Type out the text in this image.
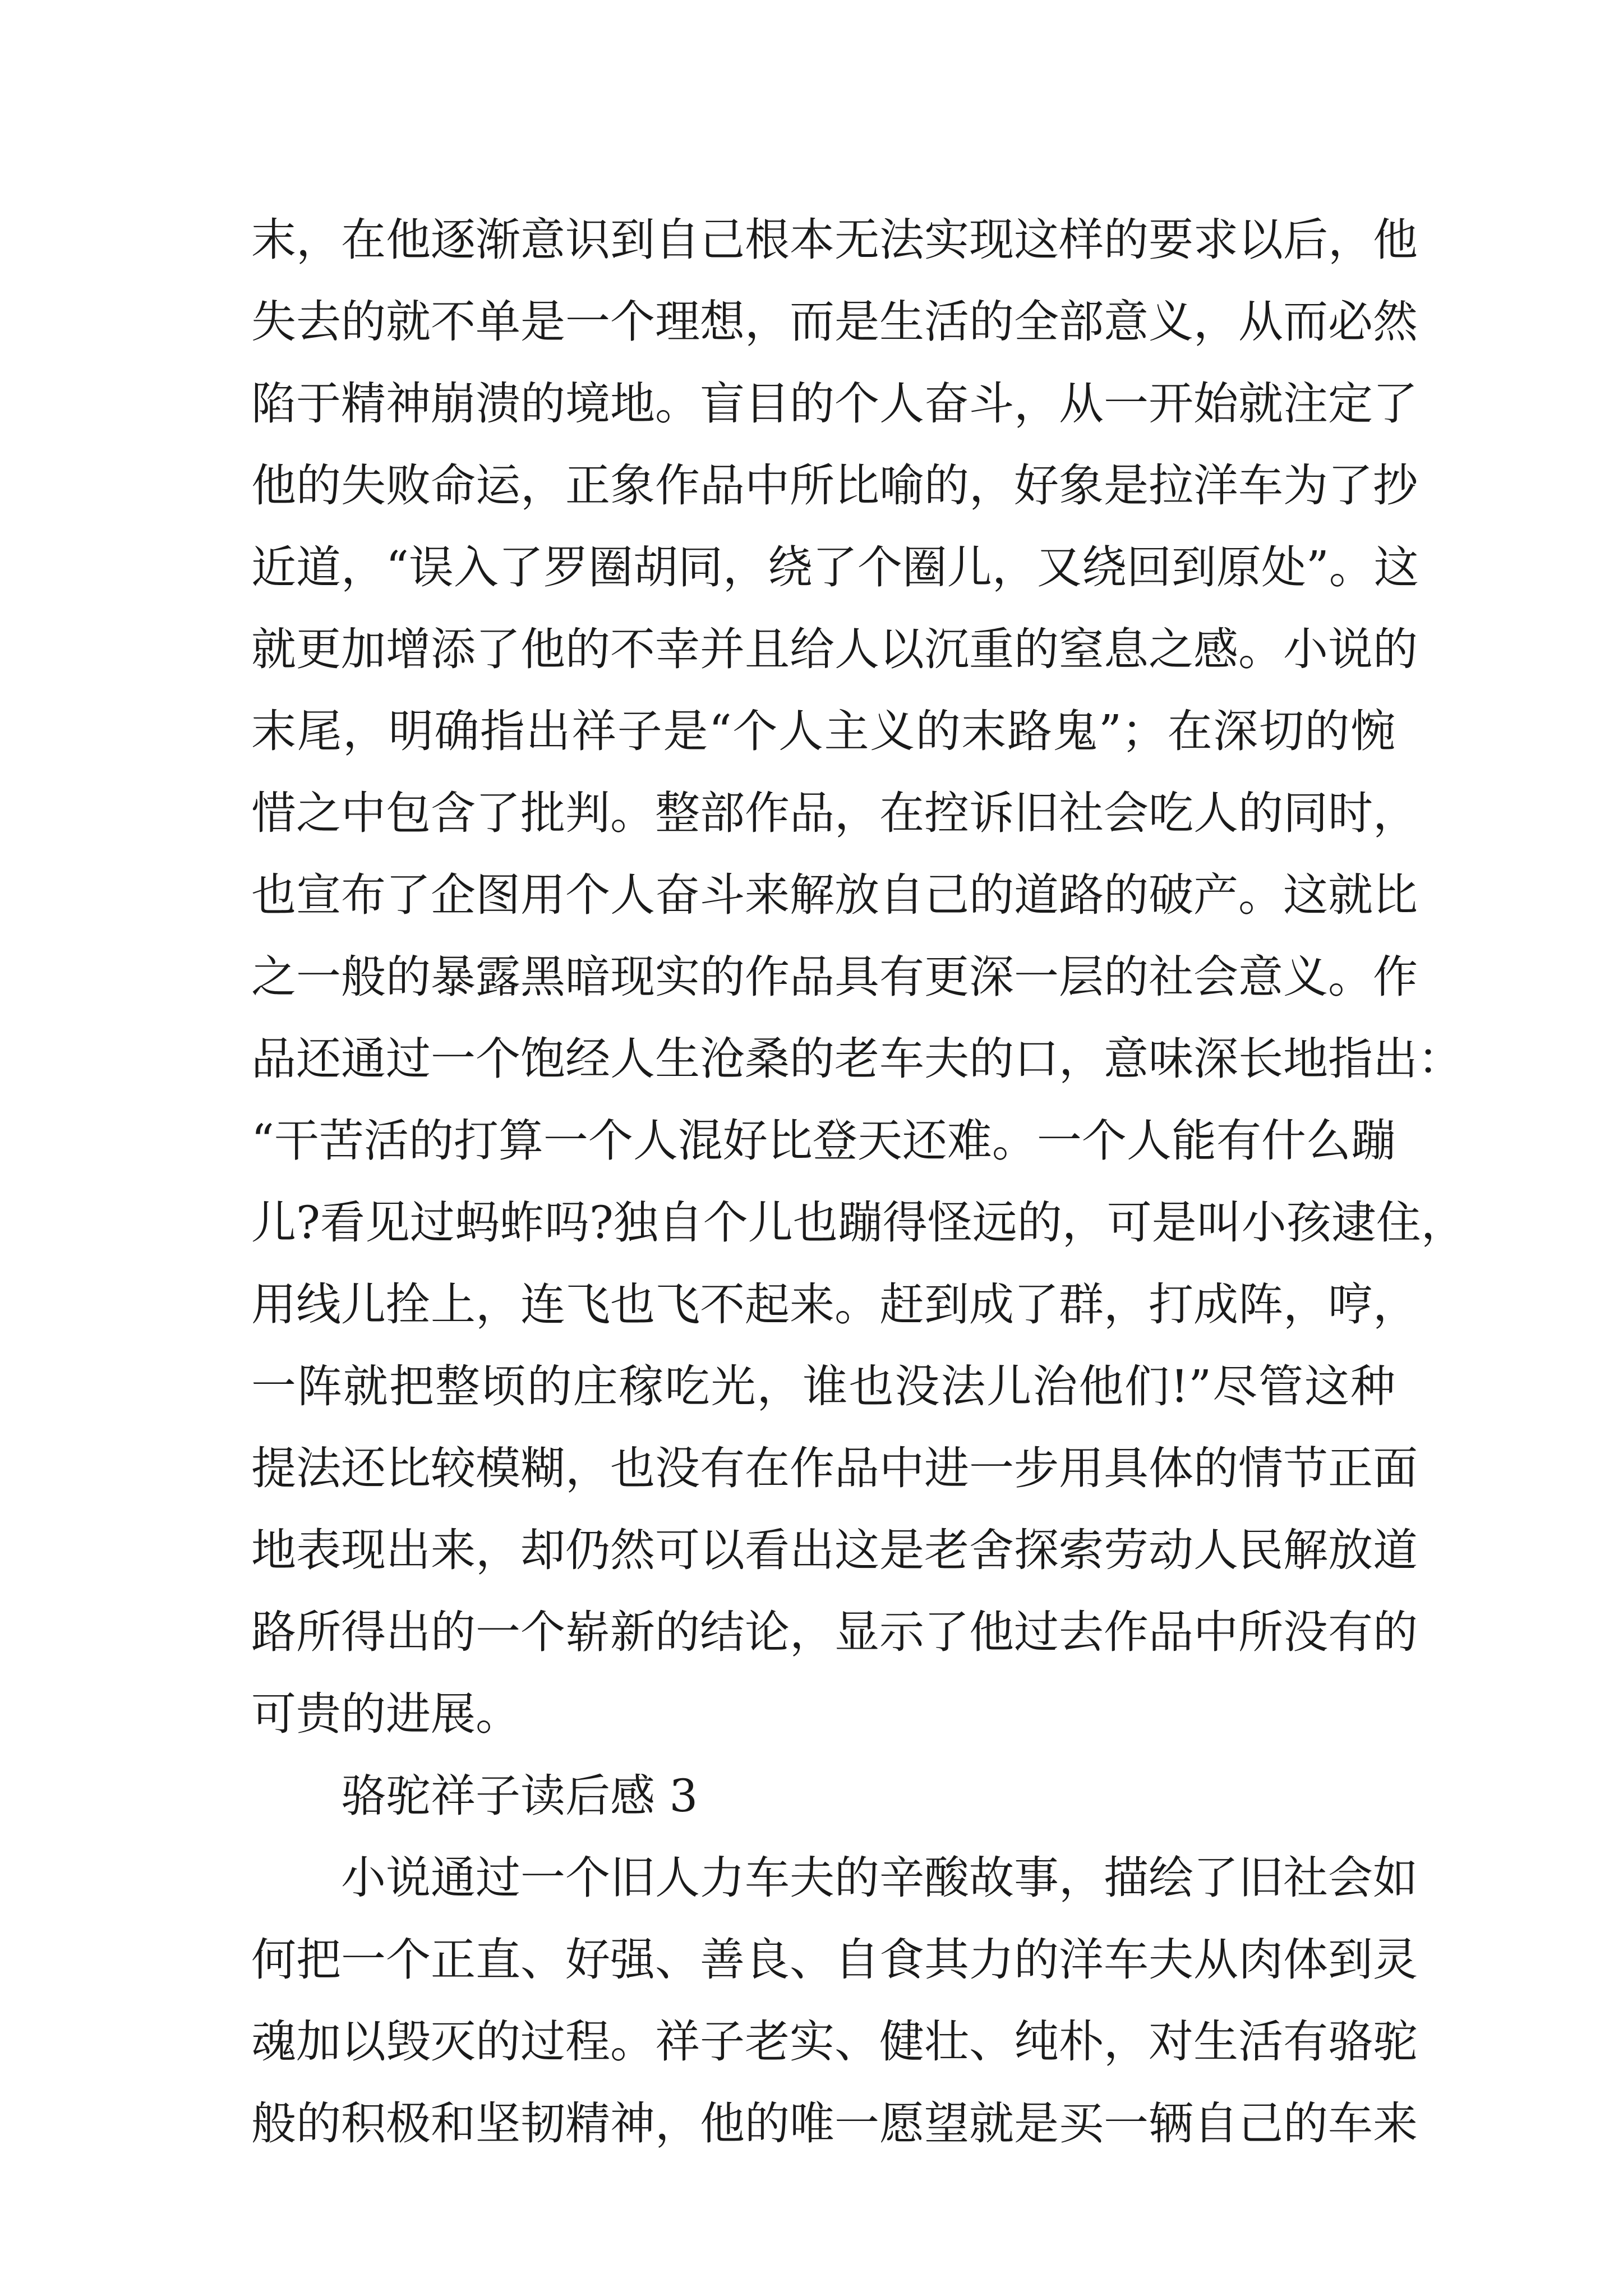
末，在他逐渐意识到自己根本无法实现这样的要求以后，他
失去的就不单是一个理想，而是生活的全部意义，从而必然
陷于精神崩溃的境地。盲目的个人奋斗，从一开始就注定了
他的失败命运，正象作品中所比喻的，好象是拉洋车为了抄
近道，“误入了罗圈胡同，绕了个圈儿，又绕回到原处”。这
就更加增添了他的不幸并且给人以沉重的窒息之感。小说的
末尾，明确指出祥子是“个人主义的末路鬼”；在深切的惋
惜之中包含了批判。整部作品，在控诉旧社会吃人的同时，
也宣布了企图用个人奋斗来解放自己的道路的破产。这就比
之一般的暴露黑暗现实的作品具有更深一层的社会意义。作
品还通过一个饱经人生沧桑的老车夫的口，意味深长地指出：
“干苦活的打算一个人混好比登天还难。一个人能有什么蹦
儿?看见过蚂蚱吗?独自个儿也蹦得怪远的，可是叫小孩逮住，
用线儿拴上，连飞也飞不起来。赶到成了群，打成阵，哼，
一阵就把整顷的庄稼吃光，谁也没法儿治他们!”尽管这种
提法还比较模糊，也没有在作品中进一步用具体的情节正面
地表现出来，却仍然可以看出这是老舍探索劳动人民解放道
路所得出的一个崭新的结论，显示了他过去作品中所没有的
可贵的进展。
骆驼祥子读后感 3
小说通过一个旧人力车夫的辛酸故事，描绘了旧社会如
何把一个正直、好强、善良、自食其力的洋车夫从肉体到灵
魂加以毁灭的过程。祥子老实、健壮、纯朴，对生活有骆驼
般的积极和坚韧精神，他的唯一愿望就是买一辆自己的车来
